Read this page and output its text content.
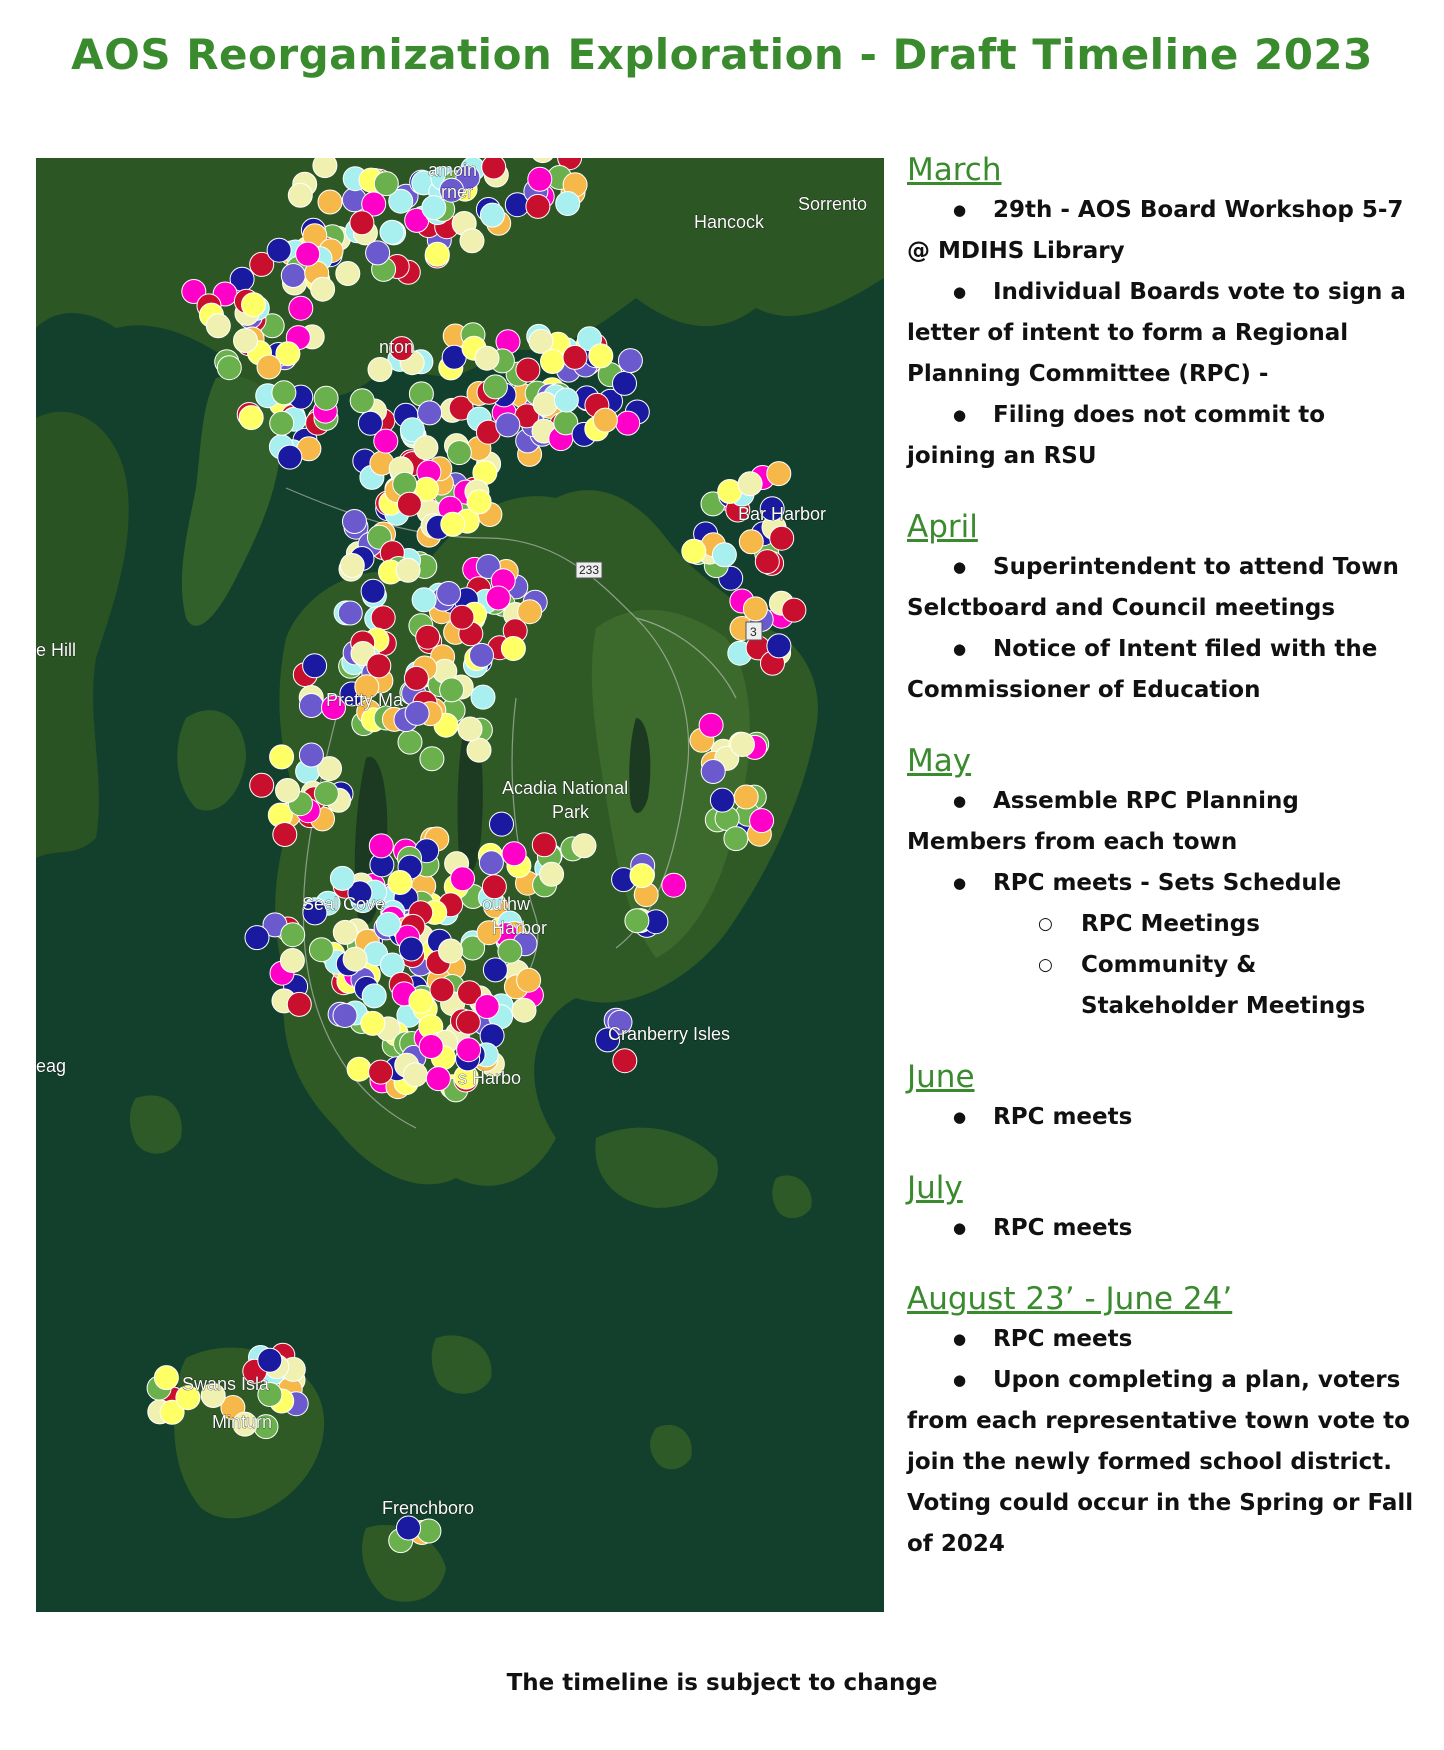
AOS Reorganization Exploration - Draft Timeline 2023
Sorrento
Hancock
amoin
rner
nton
Bar Harbor
e Hill
Pretty Ma
Acadia National
Park
Seal Cove	outhw
Harbor
Cranberry Isles
s Harbo
eag
Swans Isla
Minturn
Frenchboro
233
3
March
● 29th - AOS Board Workshop 5-7 @ MDIHS Library
● Individual Boards vote to sign a letter of intent to form a Regional Planning Committee (RPC) -
● Filing does not commit to joining an RSU
April
● Superintendent to attend Town Selctboard and Council meetings
● Notice of Intent filed with the Commissioner of Education
May
● Assemble RPC Planning Members from each town
● RPC meets - Sets Schedule
○ RPC Meetings
○ Community & Stakeholder Meetings
June
● RPC meets
July
● RPC meets
August 23’ - June 24’
● RPC meets
● Upon completing a plan, voters from each representative town vote to join the newly formed school district. Voting could occur in the Spring or Fall of 2024
The timeline is subject to change
